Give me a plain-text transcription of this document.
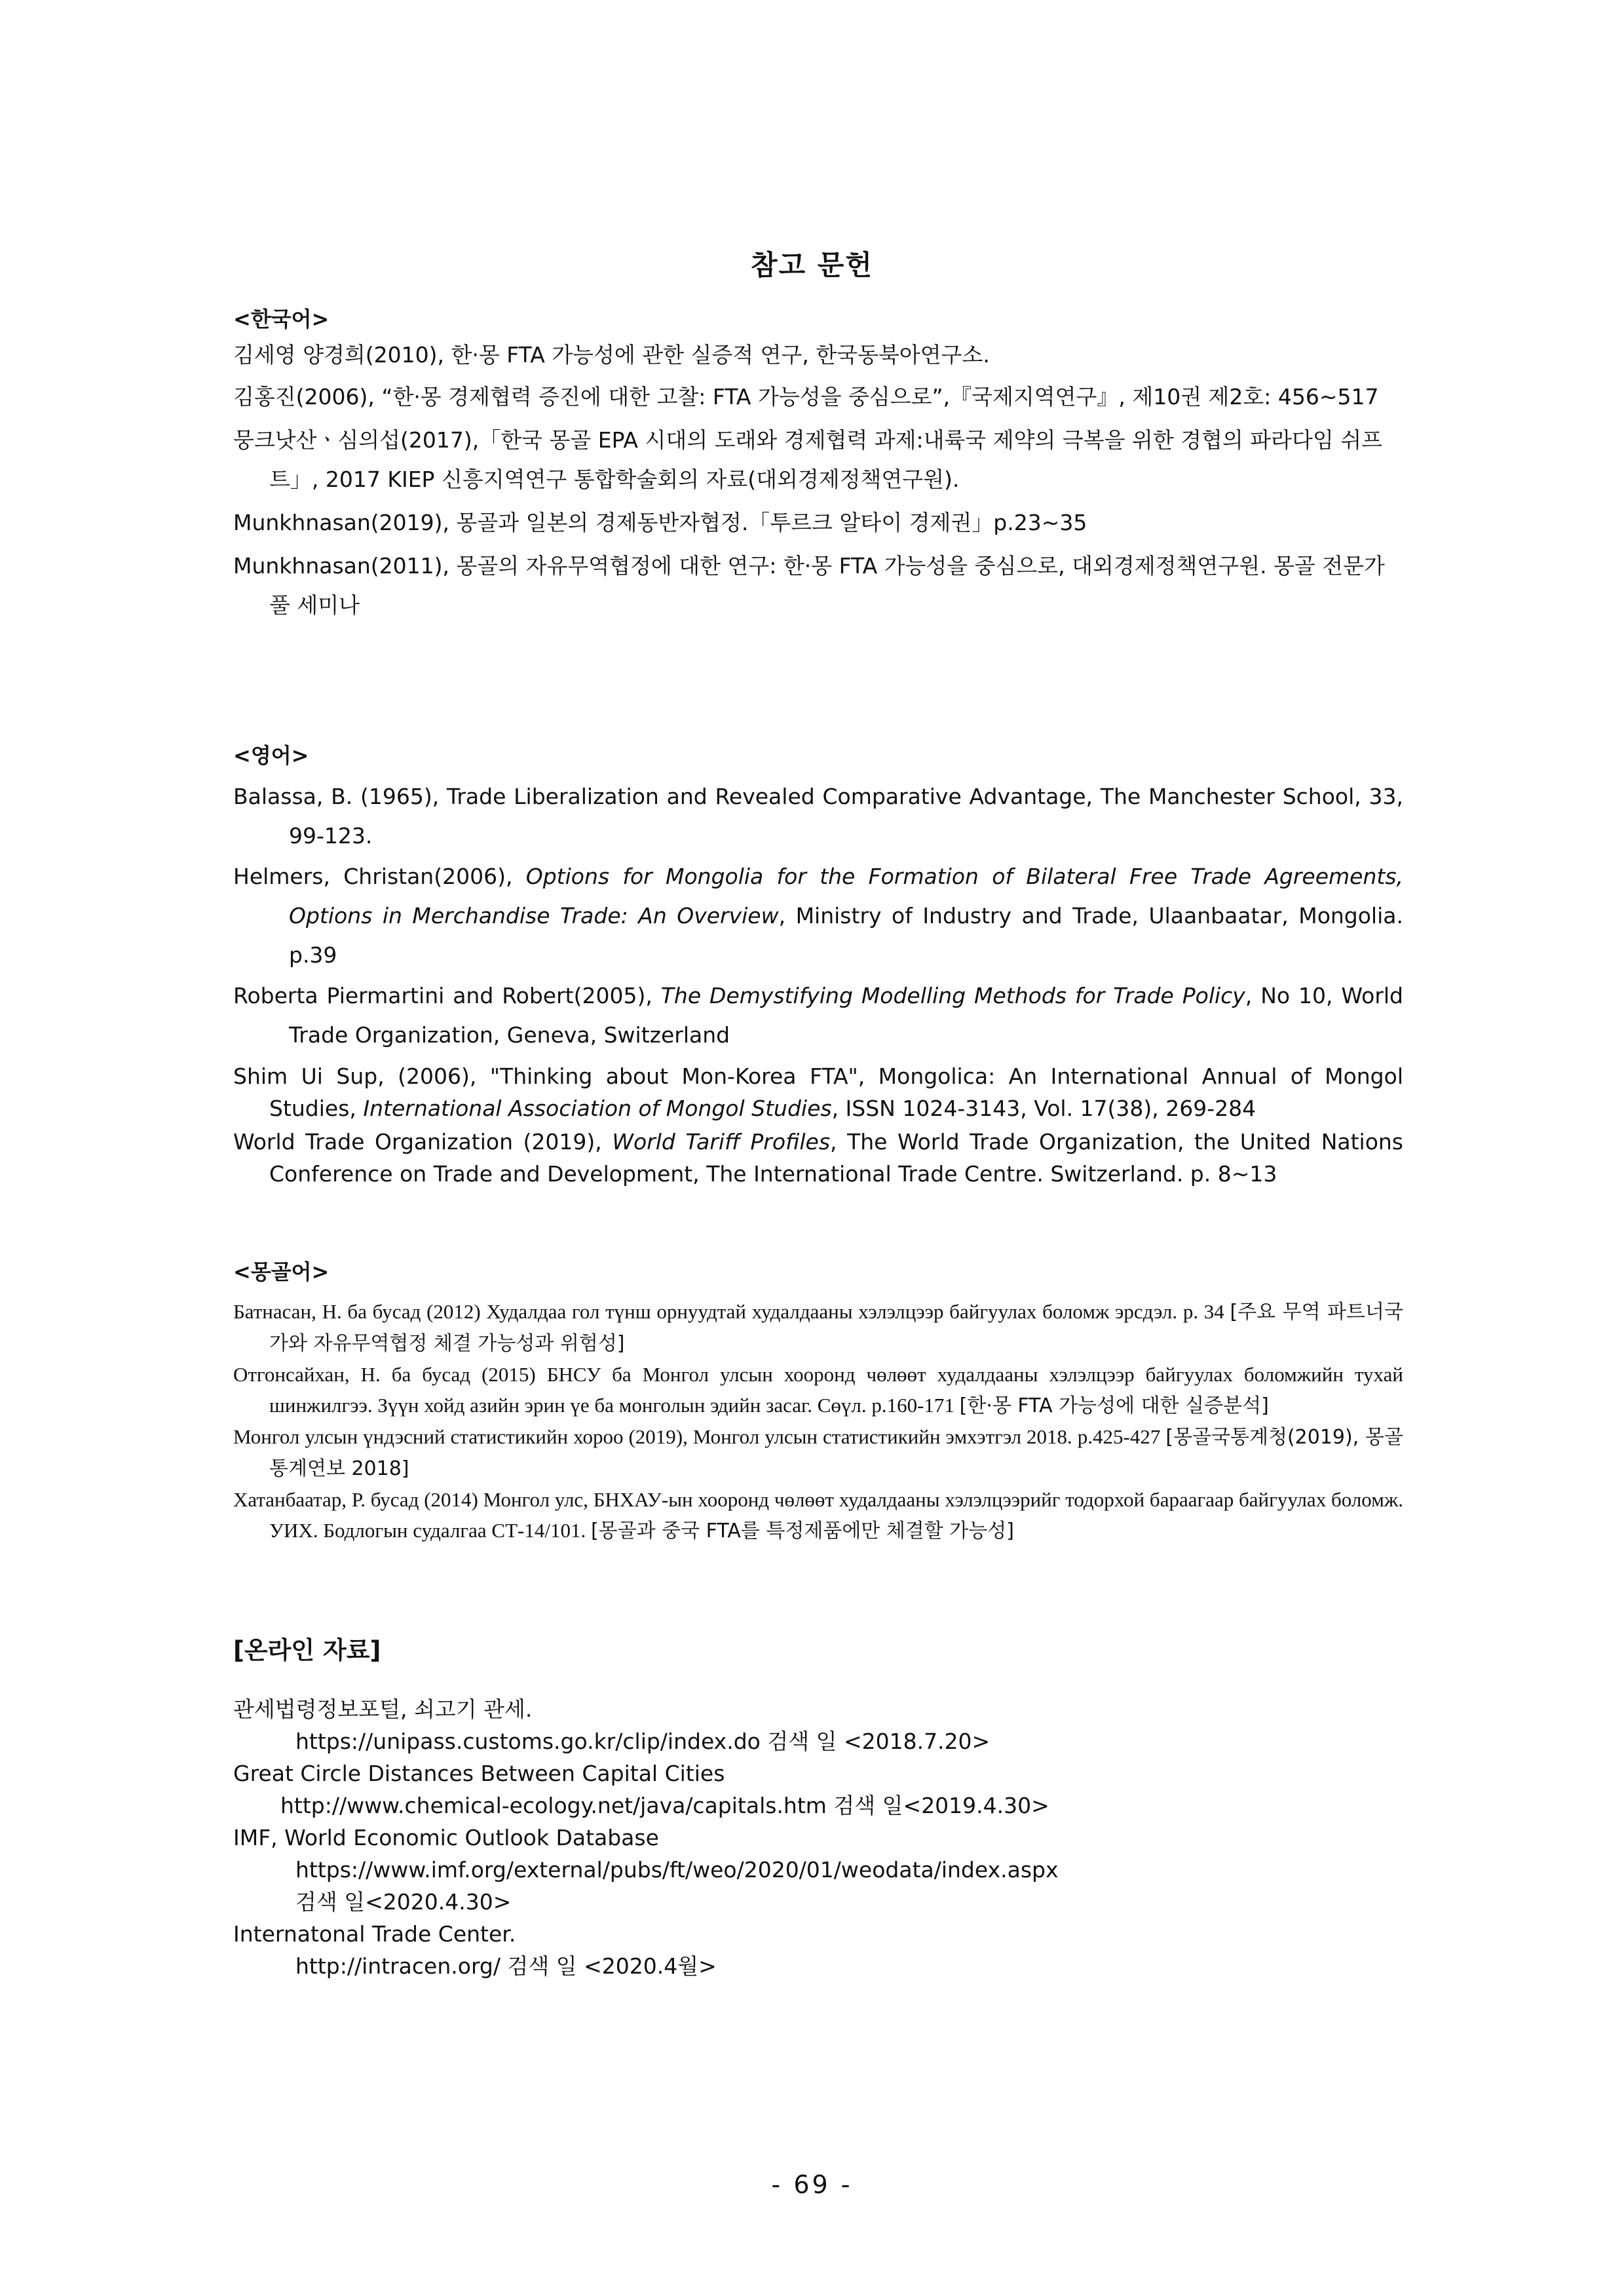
참고 문헌

<한국어>

김세영 양경희(2010), 한·몽 FTA 가능성에 관한 실증적 연구, 한국동북아연구소.

김홍진(2006), “한·몽 경제협력 증진에 대한 고찰: FTA 가능성을 중심으로”,『국제지역연구』, 제10권 제2호: 456~517

뭉크낫산ㆍ심의섭(2017),「한국 몽골 EPA 시대의 도래와 경제협력 과제:내륙국 제약의 극복을 위한 경협의 파라다임 쉬프트」, 2017 KIEP 신흥지역연구 통합학술회의 자료(대외경제정책연구원).

Munkhnasan(2019), 몽골과 일본의 경제동반자협정.「투르크 알타이 경제권」p.23~35

Munkhnasan(2011), 몽골의 자유무역협정에 대한 연구: 한·몽 FTA 가능성을 중심으로, 대외경제정책연구원. 몽골 전문가풀 세미나

<영어>

Balassa, B. (1965), Trade Liberalization and Revealed Comparative Advantage, The Manchester School, 33, 99-123.

Helmers, Christan(2006), Options for Mongolia for the Formation of Bilateral Free Trade Agreements, Options in Merchandise Trade: An Overview, Ministry of Industry and Trade, Ulaanbaatar, Mongolia. p.39

Roberta Piermartini and Robert(2005), The Demystifying Modelling Methods for Trade Policy, No 10, World Trade Organization, Geneva, Switzerland

Shim Ui Sup, (2006), "Thinking about Mon-Korea FTA", Mongolica: An International Annual of Mongol Studies, International Association of Mongol Studies, ISSN 1024-3143, Vol. 17(38), 269-284

World Trade Organization (2019), World Tariff Profiles, The World Trade Organization, the United Nations Conference on Trade and Development, The International Trade Centre. Switzerland. p. 8~13

<몽골어>

Батнасан, Н. ба бусад (2012) Худалдаа гол түнш орнуудтай худалдааны хэлэлцээр байгуулах боломж эрсдэл. p. 34 [주요 무역 파트너국가와 자유무역협정 체결 가능성과 위험성]

Отгонсайхан, Н. ба бусад (2015) БНСУ ба Монгол улсын хооронд чөлөөт худалдааны хэлэлцээр байгуулах боломжийн тухай шинжилгээ. Зүүн хойд азийн эрин үе ба монголын эдийн засаг. Сөүл. p.160-171 [한·몽 FTA 가능성에 대한 실증분석]

Монгол улсын үндэсний статистикийн хороо (2019), Монгол улсын статистикийн эмхэтгэл 2018. p.425-427 [몽골국통계청(2019), 몽골 통계연보 2018]

Хатанбаатар, Р. бусад (2014) Монгол улс, БНХАУ-ын хооронд чөлөөт худалдааны хэлэлцээрийг тодорхой бараагаар байгуулах боломж. УИХ. Бодлогын судалгаа СТ-14/101. [몽골과 중국 FTA를 특정제품에만 체결할 가능성]

[온라인 자료]

관세법령정보포털, 쇠고기 관세.

https://unipass.customs.go.kr/clip/index.do 검색 일 <2018.7.20>

Great Circle Distances Between Capital Cities

http://www.chemical-ecology.net/java/capitals.htm 검색 일<2019.4.30>

IMF, World Economic Outlook Database

https://www.imf.org/external/pubs/ft/weo/2020/01/weodata/index.aspx

검색 일<2020.4.30>

Internatonal Trade Center.

http://intracen.org/ 검색 일 <2020.4월>

- 69 -
